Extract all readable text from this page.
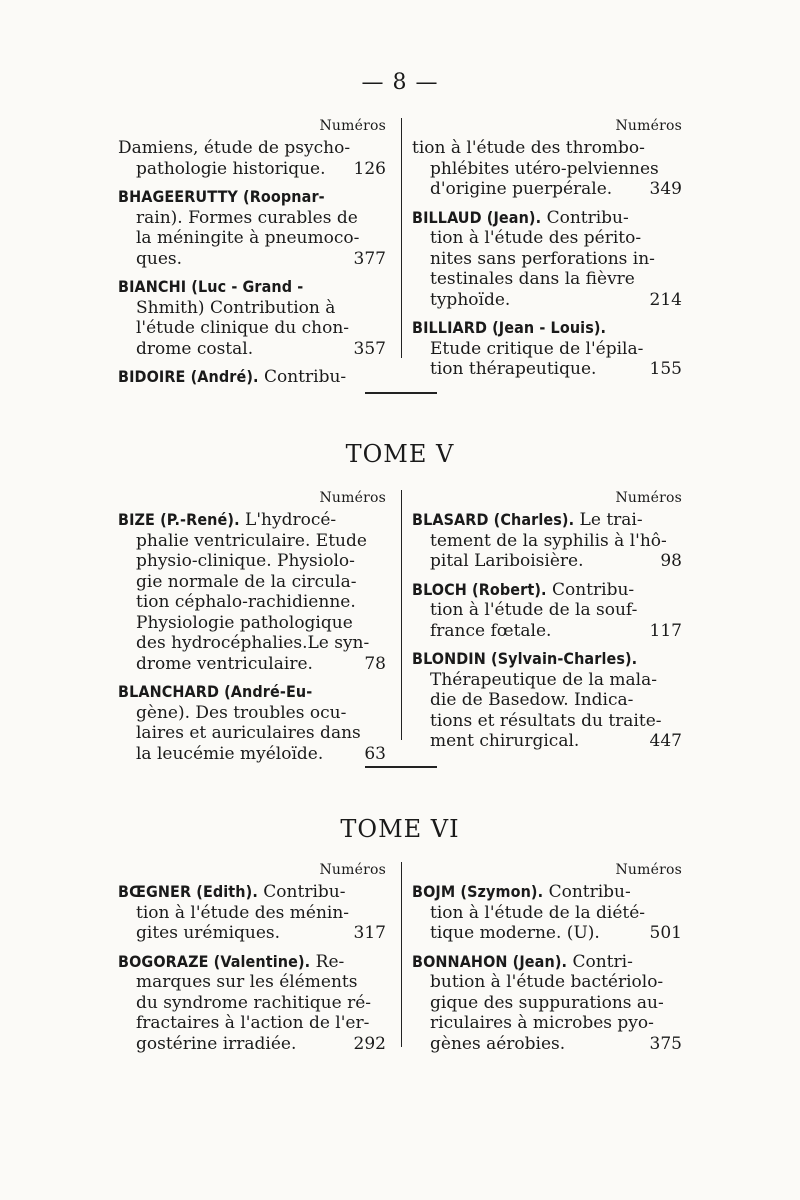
— 8 —
Numéros
Damiens, étude de psycho-
126
pathologie historique.
BHAGEERUTTY (Roopnar-
rain). Formes curables de
la méningite à pneumoco-
377
ques.
BIANCHI (Luc - Grand -
Shmith) Contribution à
l'étude clinique du chon-
357
drome costal.
BIDOIRE (André). Contribu-
Numéros
tion à l'étude des thrombo-
phlébites utéro-pelviennes
349
d'origine puerpérale.
BILLAUD (Jean). Contribu-
tion à l'étude des périto-
nites sans perforations in-
testinales dans la fièvre
214
typhoïde.
BILLIARD (Jean - Louis).
Etude critique de l'épila-
155
tion thérapeutique.
TOME V
Numéros
BIZE (P.-René). L'hydrocé-
phalie ventriculaire. Etude
physio-clinique. Physiolo-
gie normale de la circula-
tion céphalo-rachidienne.
Physiologie pathologique
des hydrocéphalies.Le syn-
78
drome ventriculaire.
BLANCHARD (André-Eu-
gène). Des troubles ocu-
laires et auriculaires dans
63
la leucémie myéloïde.
Numéros
BLASARD (Charles). Le trai-
tement de la syphilis à l'hô-
98
pital Lariboisière.
BLOCH (Robert). Contribu-
tion à l'étude de la souf-
117
france fœtale.
BLONDIN (Sylvain-Charles).
Thérapeutique de la mala-
die de Basedow. Indica-
tions et résultats du traite-
447
ment chirurgical.
TOME VI
Numéros
BŒGNER (Edith). Contribu-
tion à l'étude des ménin-
317
gites urémiques.
BOGORAZE (Valentine). Re-
marques sur les éléments
du syndrome rachitique ré-
fractaires à l'action de l'er-
292
gostérine irradiée.
Numéros
BOJM (Szymon). Contribu-
tion à l'étude de la diété-
501
tique moderne. (U).
BONNAHON (Jean). Contri-
bution à l'étude bactériolo-
gique des suppurations au-
riculaires à microbes pyo-
375
gènes aérobies.
